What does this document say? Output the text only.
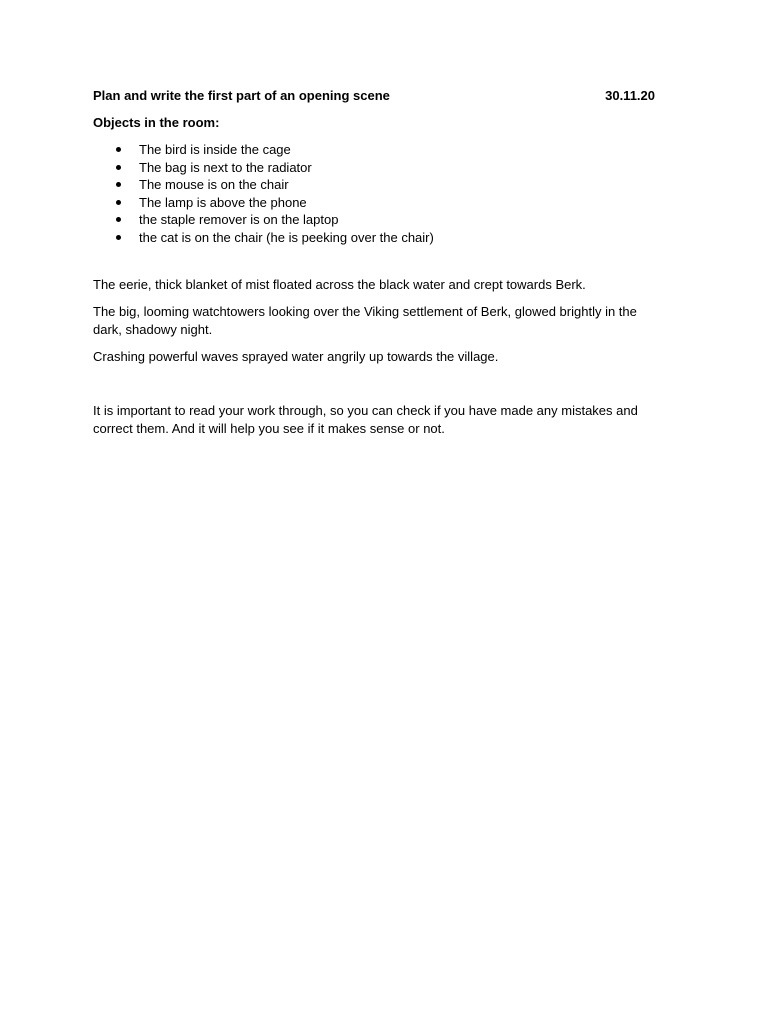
Plan and write the first part of an opening scene	30.11.20

Objects in the room:

The bird is inside the cage
The bag is next to the radiator
The mouse is on the chair
The lamp is above the phone
the staple remover is on the laptop
the cat is on the chair (he is peeking over the chair)

The eerie, thick blanket of mist floated across the black water and crept towards Berk.

The big, looming watchtowers looking over the Viking settlement of Berk, glowed brightly in the dark, shadowy night.

Crashing powerful waves sprayed water angrily up towards the village.

It is important to read your work through, so you can check if you have made any mistakes and correct them. And it will help you see if it makes sense or not.
